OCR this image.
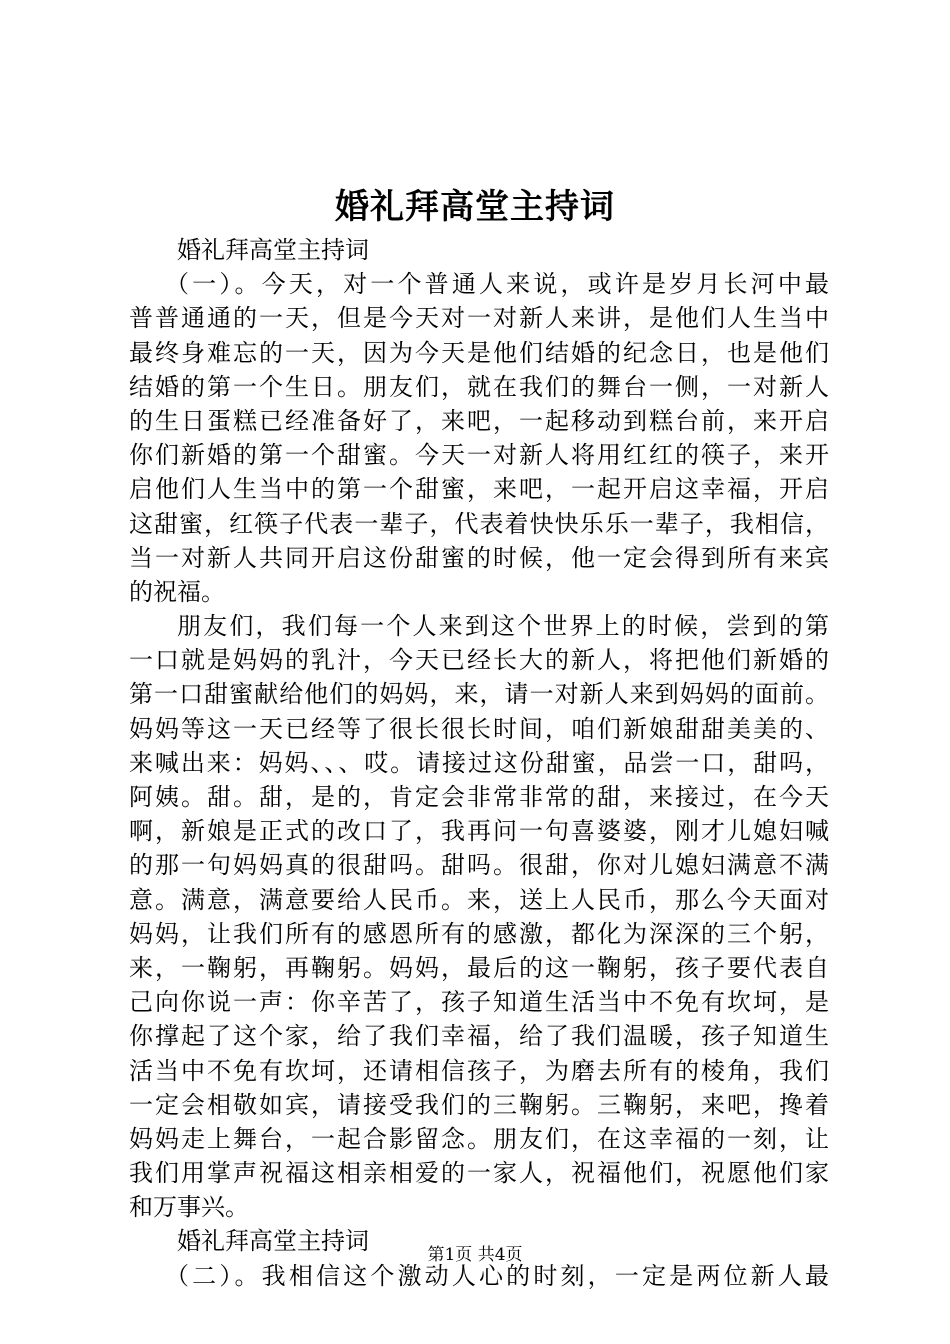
婚礼拜高堂主持词
婚礼拜高堂主持词
（一）。今天，对一个普通人来说，或许是岁月长河中最
普普通通的一天，但是今天对一对新人来讲，是他们人生当中
最终身难忘的一天，因为今天是他们结婚的纪念日，也是他们
结婚的第一个生日。朋友们，就在我们的舞台一侧，一对新人
的生日蛋糕已经准备好了，来吧，一起移动到糕台前，来开启
你们新婚的第一个甜蜜。今天一对新人将用红红的筷子，来开
启他们人生当中的第一个甜蜜，来吧，一起开启这幸福，开启
这甜蜜，红筷子代表一辈子，代表着快快乐乐一辈子，我相信，
当一对新人共同开启这份甜蜜的时候，他一定会得到所有来宾
的祝福。
朋友们，我们每一个人来到这个世界上的时候，尝到的第
一口就是妈妈的乳汁，今天已经长大的新人，将把他们新婚的
第一口甜蜜献给他们的妈妈，来，请一对新人来到妈妈的面前。
妈妈等这一天已经等了很长很长时间，咱们新娘甜甜美美的、
来喊出来：妈妈、、、哎。请接过这份甜蜜，品尝一口，甜吗，
阿姨。甜。甜，是的，肯定会非常非常的甜，来接过，在今天
啊，新娘是正式的改口了，我再问一句喜婆婆，刚才儿媳妇喊
的那一句妈妈真的很甜吗。甜吗。很甜，你对儿媳妇满意不满
意。满意，满意要给人民币。来，送上人民币，那么今天面对
妈妈，让我们所有的感恩所有的感激，都化为深深的三个躬，
来，一鞠躬，再鞠躬。妈妈，最后的这一鞠躬，孩子要代表自
己向你说一声：你辛苦了，孩子知道生活当中不免有坎坷，是
你撑起了这个家，给了我们幸福，给了我们温暖，孩子知道生
活当中不免有坎坷，还请相信孩子，为磨去所有的棱角，我们
一定会相敬如宾，请接受我们的三鞠躬。三鞠躬，来吧，搀着
妈妈走上舞台，一起合影留念。朋友们，在这幸福的一刻，让
我们用掌声祝福这相亲相爱的一家人，祝福他们，祝愿他们家
和万事兴。
婚礼拜高堂主持词
（二）。我相信这个激动人心的时刻，一定是两位新人最
第1页 共4页
